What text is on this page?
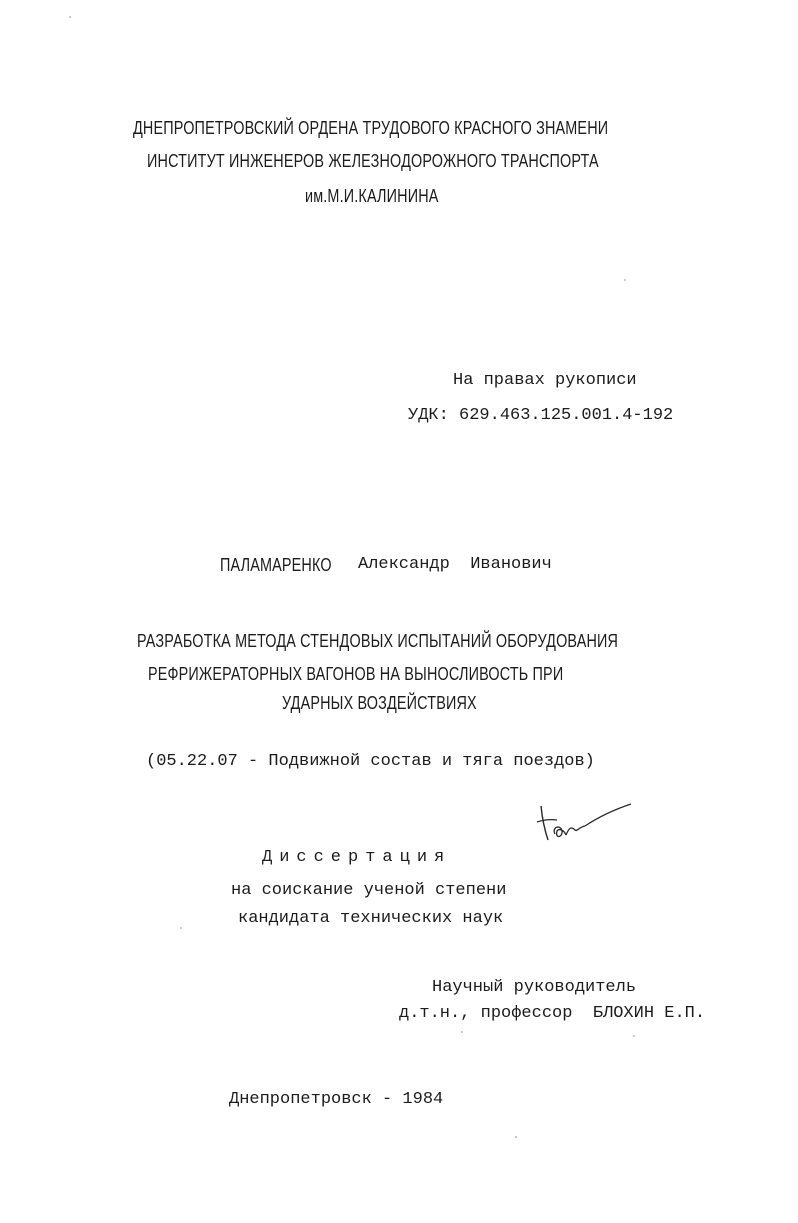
ДНЕПРОПЕТРОВСКИЙ ОРДЕНА ТРУДОВОГО КРАСНОГО ЗНАМЕНИ
ИНСТИТУТ ИНЖЕНЕРОВ ЖЕЛЕЗНОДОРОЖНОГО ТРАНСПОРТА
им.М.И.КАЛИНИНА
На правах рукописи
УДК: 629.463.125.001.4-192
ПАЛАМАРЕНКО Александр  Иванович
РАЗРАБОТКА МЕТОДА СТЕНДОВЫХ ИСПЫТАНИЙ ОБОРУДОВАНИЯ
РЕФРИЖЕРАТОРНЫХ ВАГОНОВ НА ВЫНОСЛИВОСТЬ ПРИ
УДАРНЫХ ВОЗДЕЙСТВИЯХ
(05.22.07 - Подвижной состав и тяга поездов)
Диссертация
на соискание ученой степени
кандидата технических наук
Научный руководитель
д.т.н., профессор  БЛОХИН Е.П.
Днепропетровск - 1984
